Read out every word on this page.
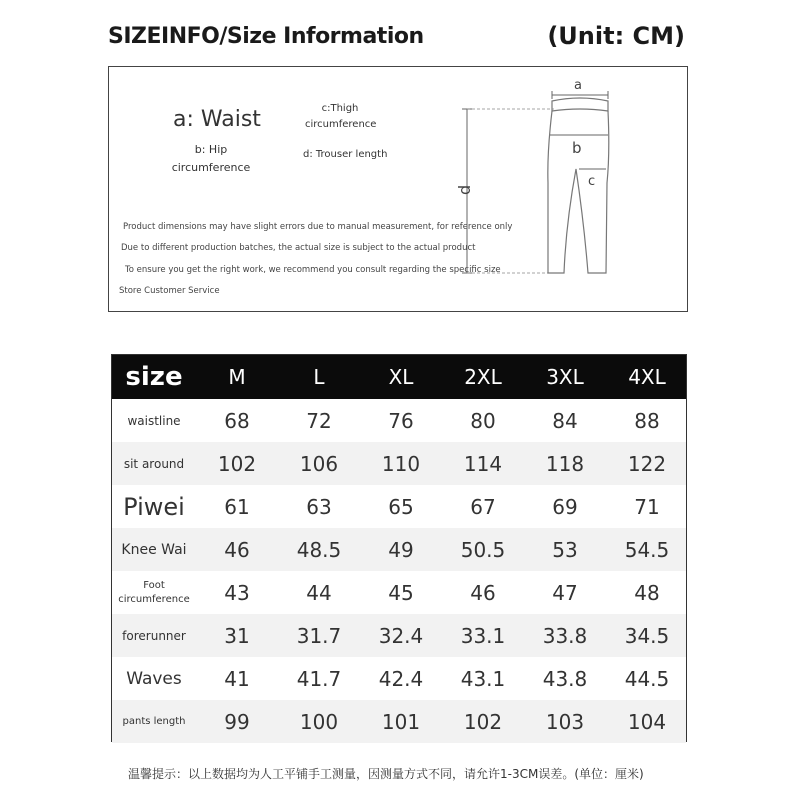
SIZEINFO/Size Information	(Unit: CM)
a: Waist
b: Hip circumference
c:Thigh circumference
d: Trouser length
Product dimensions may have slight errors due to manual measurement, for reference only
Due to different production batches, the actual size is subject to the actual product
To ensure you get the right work, we recommend you consult regarding the specific size
Store Customer Service
d
a
b
c
size	M	L	XL	2XL	3XL	4XL
waistline	68	72	76	80	84	88
sit around	102	106	110	114	118	122
Piwei	61	63	65	67	69	71
Knee Wai	46	48.5	49	50.5	53	54.5
Foot circumference	43	44	45	46	47	48
forerunner	31	31.7	32.4	33.1	33.8	34.5
Waves	41	41.7	42.4	43.1	43.8	44.5
pants length	99	100	101	102	103	104
温馨提示：以上数据均为人工平铺手工测量，因测量方式不同，请允许1-3CM误差。(单位：厘米)
